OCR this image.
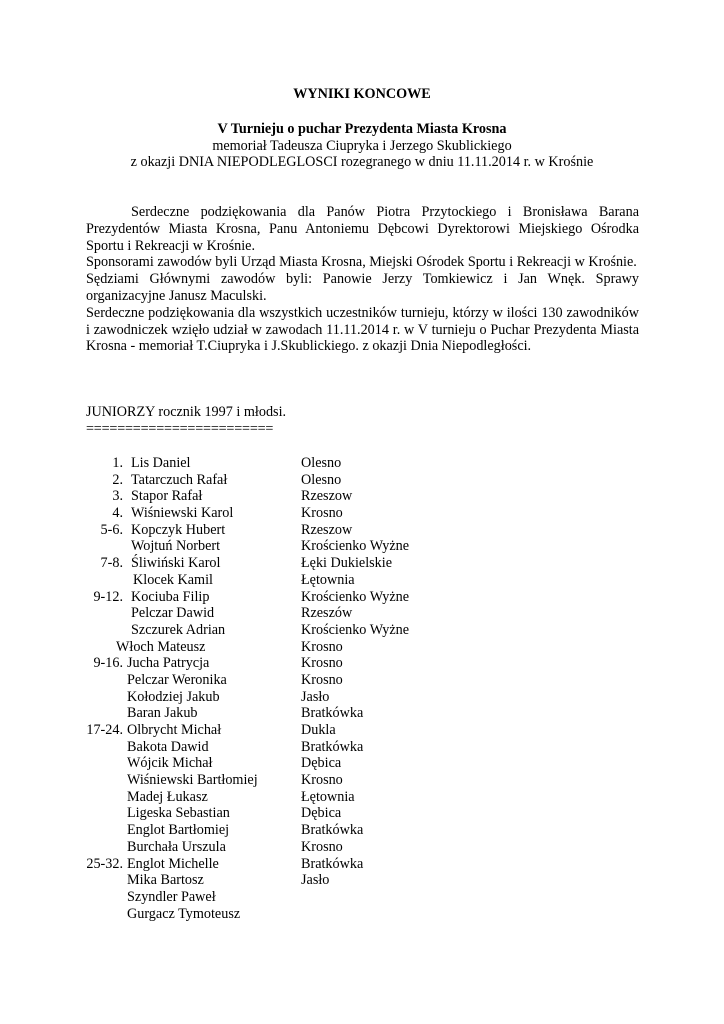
WYNIKI KONCOWE
V Turnieju o puchar Prezydenta Miasta Krosna
memoriał Tadeusza Ciupryka i Jerzego Skublickiego
z okazji DNIA NIEPODLEGLOSCI rozegranego w dniu 11.11.2014 r. w Krośnie

Serdeczne podziękowania dla Panów Piotra Przytockiego i Bronisława Barana Prezydentów Miasta Krosna, Panu Antoniemu Dębcowi Dyrektorowi Miejskiego Ośrodka Sportu i Rekreacji w Krośnie.

Sponsorami zawodów byli Urząd Miasta Krosna, Miejski Ośrodek Sportu i Rekreacji w Krośnie.

Sędziami Głównymi zawodów byli: Panowie Jerzy Tomkiewicz i Jan Wnęk. Sprawy organizacyjne Janusz Maculski.

Serdeczne podziękowania dla wszystkich uczestników turnieju, którzy w ilości 130 zawodników i zawodniczek wzięło udział w zawodach 11.11.2014 r. w V turnieju o Puchar Prezydenta Miasta Krosna - memoriał T.Ciupryka i J.Skublickiego. z okazji Dnia Niepodległości.

JUNIORZY rocznik 1997 i młodsi.
========================
1. Lis Daniel	Olesno
2. Tatarczuch Rafał	Olesno
3. Stapor Rafał	Rzeszow
4. Wiśniewski Karol	Krosno
5-6. Kopczyk Hubert	Rzeszow
Wojtuń Norbert	Krościenko Wyżne
7-8. Śliwiński Karol	Łęki Dukielskie
Klocek Kamil	Łętownia
9-12. Kociuba Filip	Krościenko Wyżne
Pelczar Dawid	Rzeszów
Szczurek Adrian	Krościenko Wyżne
Włoch Mateusz	Krosno
9-16. Jucha Patrycja	Krosno
Pelczar Weronika	Krosno
Kołodziej Jakub	Jasło
Baran Jakub	Bratkówka
17-24. Olbrycht Michał	Dukla
Bakota Dawid	Bratkówka
Wójcik Michał	Dębica
Wiśniewski Bartłomiej	Krosno
Madej Łukasz	Łętownia
Ligeska Sebastian	Dębica
Englot Bartłomiej	Bratkówka
Burchała Urszula	Krosno
25-32. Englot Michelle	Bratkówka
Mika Bartosz	Jasło
Szyndler Paweł
Gurgacz Tymoteusz
